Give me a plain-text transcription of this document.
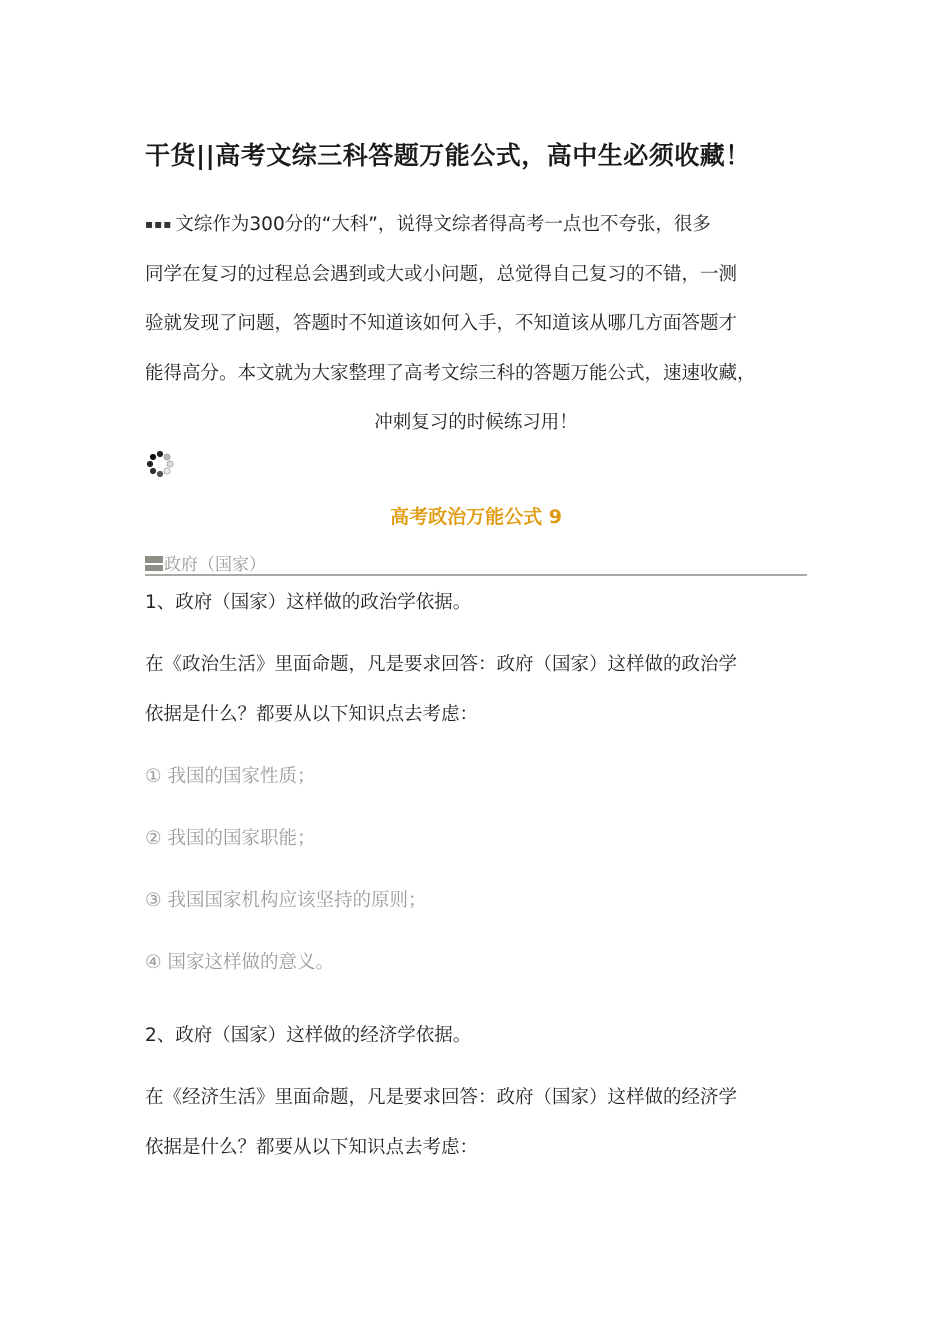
干货||高考文综三科答题万能公式，高中生必须收藏！
▪▪▪ 文综作为300分的“大科”，说得文综者得高考一点也不夸张，很多
同学在复习的过程总会遇到或大或小问题，总觉得自己复习的不错，一测
验就发现了问题，答题时不知道该如何入手，不知道该从哪几方面答题才
能得高分。本文就为大家整理了高考文综三科的答题万能公式，速速收藏，
冲刺复习的时候练习用！
高考政治万能公式 9
政府（国家）
1、政府（国家）这样做的政治学依据。
在《政治生活》里面命题，凡是要求回答：政府（国家）这样做的政治学
依据是什么？都要从以下知识点去考虑：
① 我国的国家性质；
② 我国的国家职能；
③ 我国国家机构应该坚持的原则；
④ 国家这样做的意义。
2、政府（国家）这样做的经济学依据。
在《经济生活》里面命题，凡是要求回答：政府（国家）这样做的经济学
依据是什么？都要从以下知识点去考虑：
